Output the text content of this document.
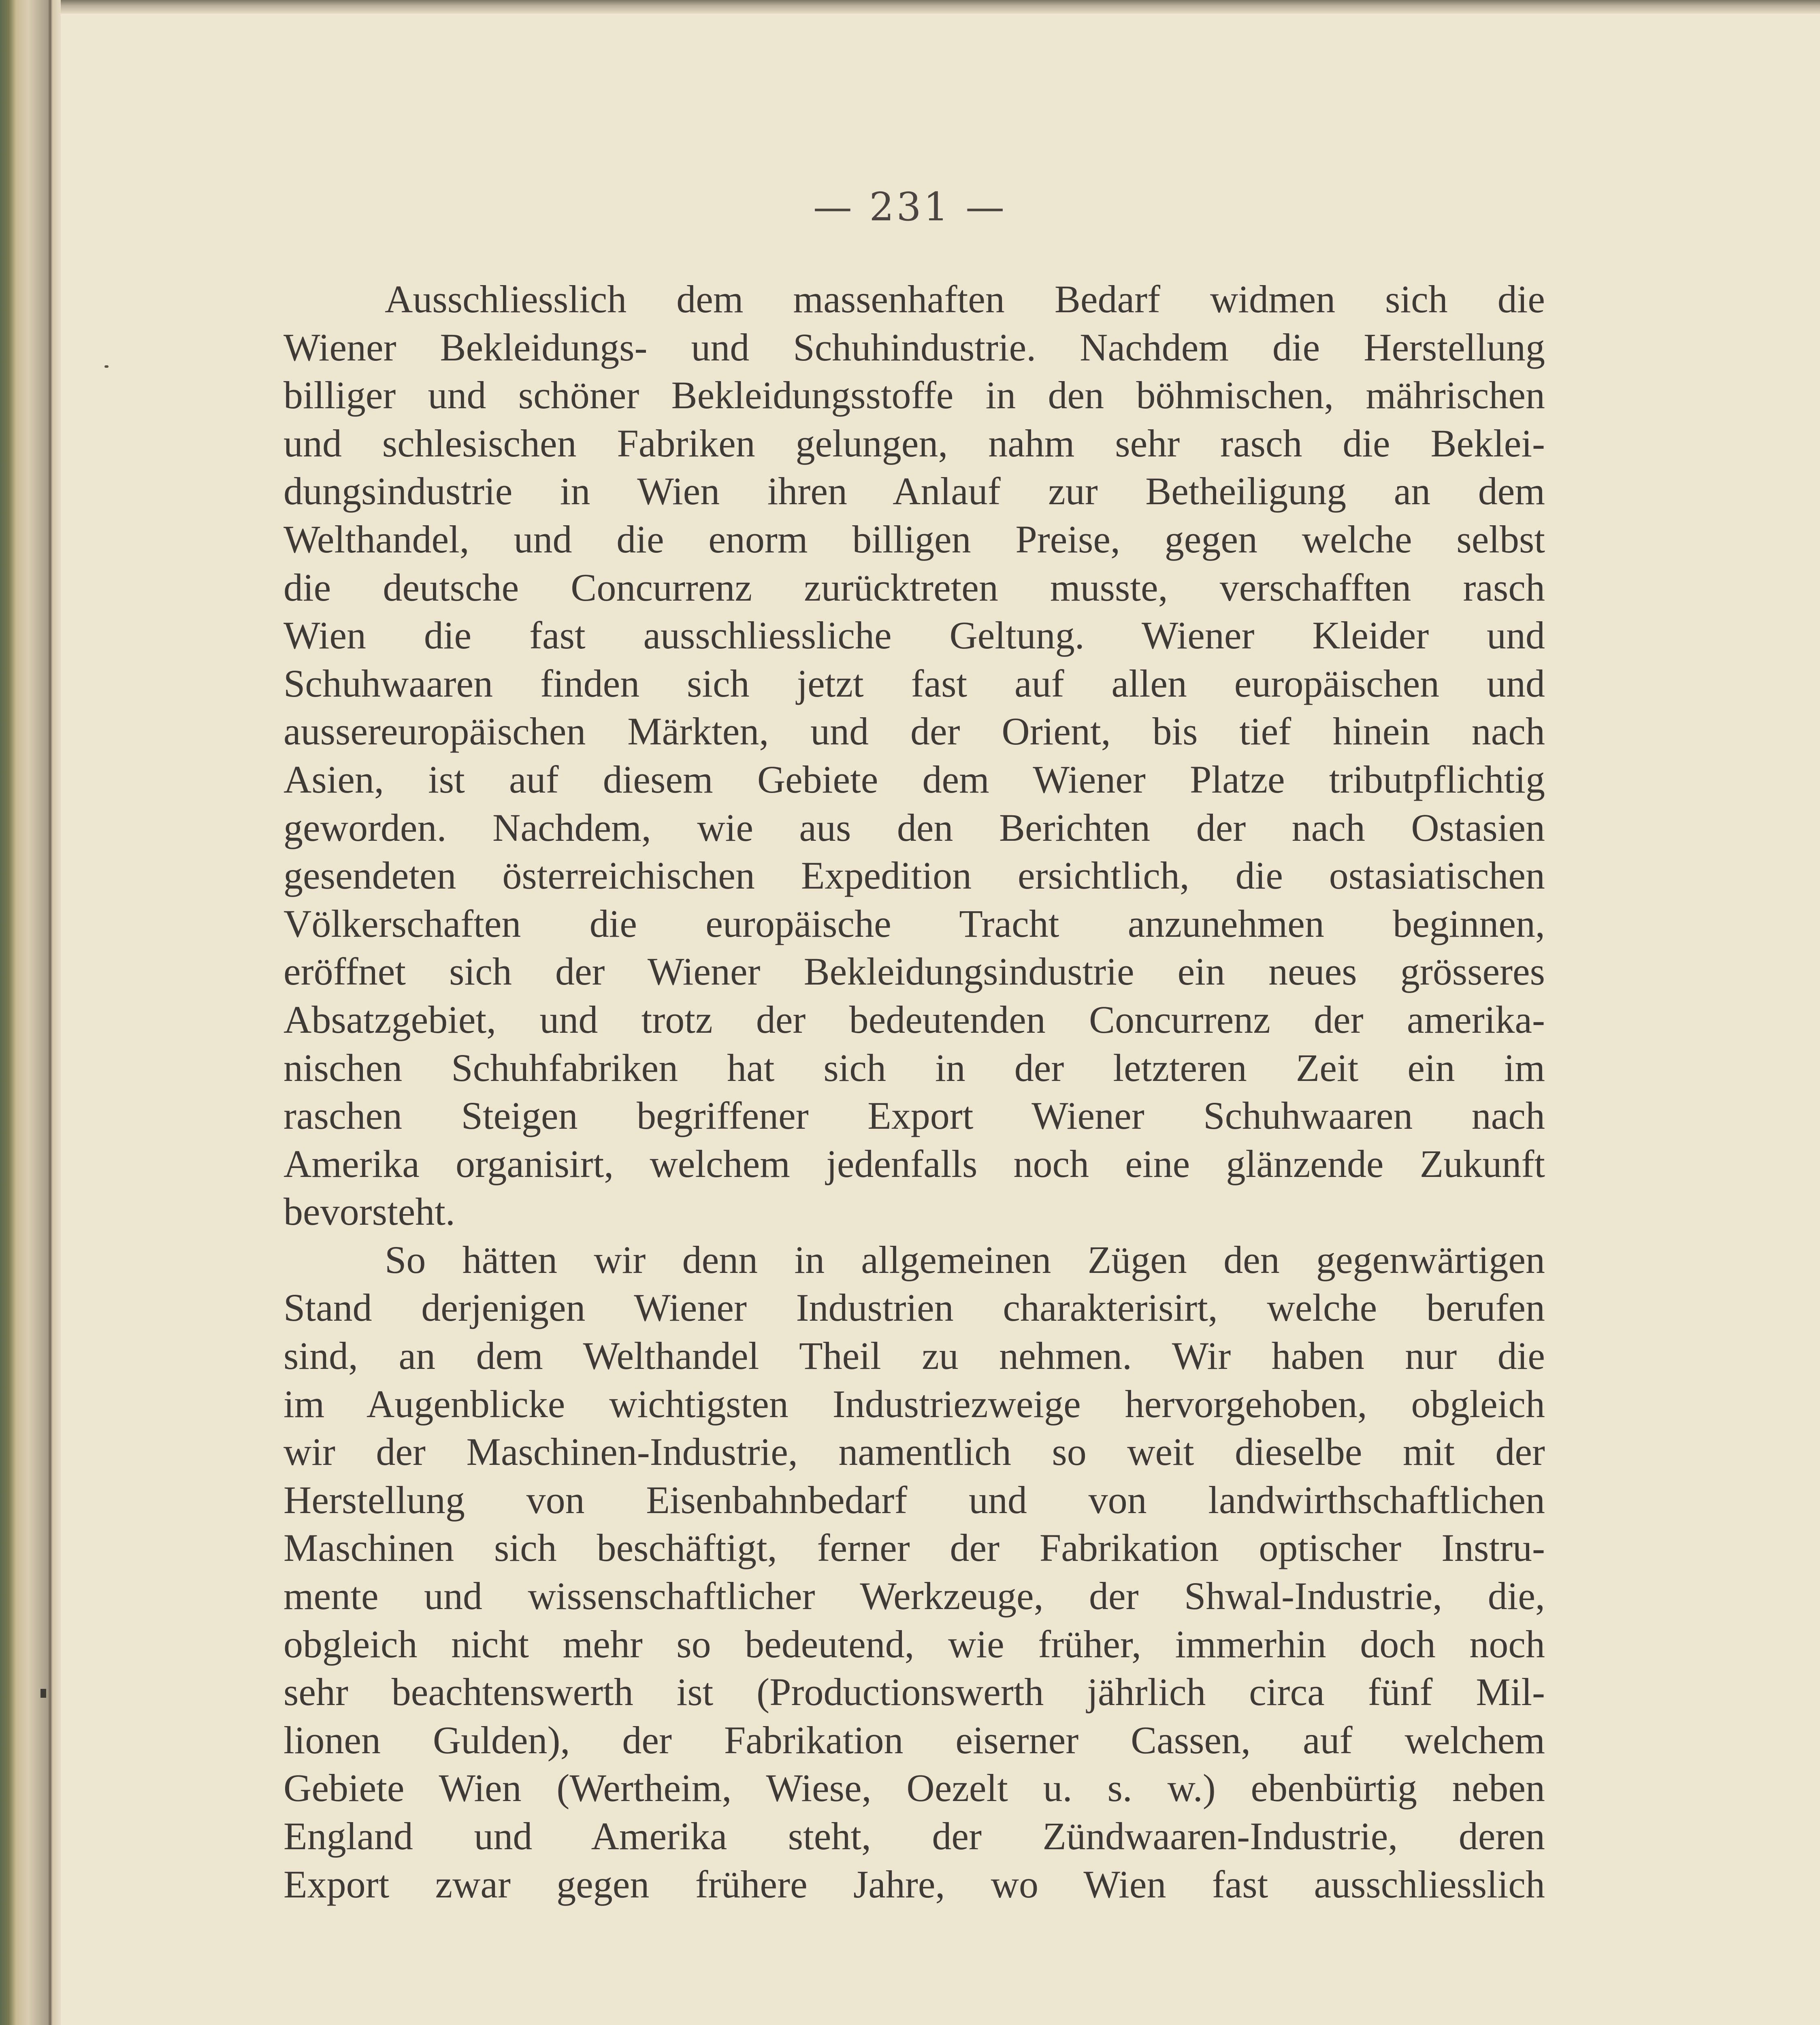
— 231 —

Ausschliesslich dem massenhaften Bedarf widmen sich die
Wiener Bekleidungs- und Schuhindustrie. Nachdem die Herstellung
billiger und schöner Bekleidungsstoffe in den böhmischen, mährischen
und schlesischen Fabriken gelungen, nahm sehr rasch die Beklei-
dungsindustrie in Wien ihren Anlauf zur Betheiligung an dem
Welthandel, und die enorm billigen Preise, gegen welche selbst
die deutsche Concurrenz zurücktreten musste, verschafften rasch
Wien die fast ausschliessliche Geltung. Wiener Kleider und
Schuhwaaren finden sich jetzt fast auf allen europäischen und
aussereuropäischen Märkten, und der Orient, bis tief hinein nach
Asien, ist auf diesem Gebiete dem Wiener Platze tributpflichtig
geworden. Nachdem, wie aus den Berichten der nach Ostasien
gesendeten österreichischen Expedition ersichtlich, die ostasiatischen
Völkerschaften die europäische Tracht anzunehmen beginnen,
eröffnet sich der Wiener Bekleidungsindustrie ein neues grösseres
Absatzgebiet, und trotz der bedeutenden Concurrenz der amerika-
nischen Schuhfabriken hat sich in der letzteren Zeit ein im
raschen Steigen begriffener Export Wiener Schuhwaaren nach
Amerika organisirt, welchem jedenfalls noch eine glänzende Zukunft
bevorsteht.
So hätten wir denn in allgemeinen Zügen den gegenwärtigen
Stand derjenigen Wiener Industrien charakterisirt, welche berufen
sind, an dem Welthandel Theil zu nehmen. Wir haben nur die
im Augenblicke wichtigsten Industriezweige hervorgehoben, obgleich
wir der Maschinen-Industrie, namentlich so weit dieselbe mit der
Herstellung von Eisenbahnbedarf und von landwirthschaftlichen
Maschinen sich beschäftigt, ferner der Fabrikation optischer Instru-
mente und wissenschaftlicher Werkzeuge, der Shwal-Industrie, die,
obgleich nicht mehr so bedeutend, wie früher, immerhin doch noch
sehr beachtenswerth ist (Productionswerth jährlich circa fünf Mil-
lionen Gulden), der Fabrikation eiserner Cassen, auf welchem
Gebiete Wien (Wertheim, Wiese, Oezelt u. s. w.) ebenbürtig neben
England und Amerika steht, der Zündwaaren-Industrie, deren
Export zwar gegen frühere Jahre, wo Wien fast ausschliesslich
